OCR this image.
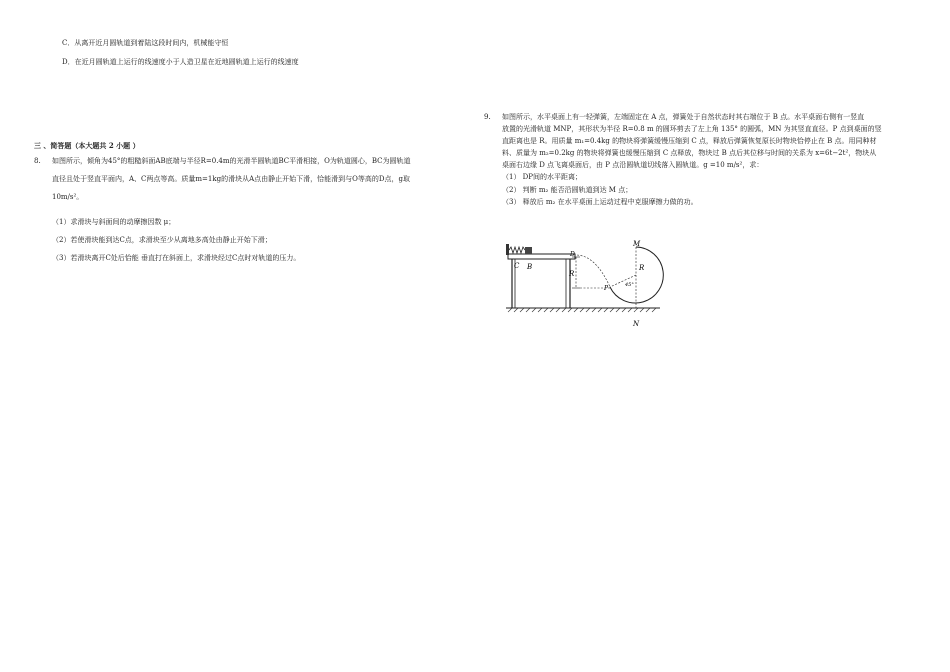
C．从离开近月圆轨道到着陆这段时间内，机械能守恒
D．在近月圆轨道上运行的线速度小于人造卫星在近地圆轨道上运行的线速度
三 、简答题（本大题共 2 小题 ）
8. 如图所示，倾角为45°的粗糙斜面AB底端与半径R=0.4m的光滑半圆轨道BC平滑相接，O为轨道圆心，BC为圆轨道
直径且处于竖直平面内，A、C两点等高。质量m=1kg的滑块从A点由静止开始下滑，恰能滑到与O等高的D点，g取
10m/s²。
（1）求滑块与斜面间的动摩擦因数 μ；
（2）若使滑块能到达C点，求滑块至少从离地多高处由静止开始下滑；
（3）若滑块离开C处后恰能 垂直打在斜面上，求滑块经过C点时对轨道的压力。
9. 如图所示，水平桌面上有一轻弹簧，左端固定在 A 点，弹簧处于自然状态时其右端位于 B 点。水平桌面右侧有一竖直
放置的光滑轨道 MNP，其形状为半径 R=0.8 m 的圆环剪去了左上角 135° 的圆弧，MN 为其竖直直径。P 点到桌面的竖
直距离也是 R。用质量 m₁=0.4kg 的物块将弹簧缓慢压缩到 C 点，释放后弹簧恢复原长时物块恰停止在 B 点。用同种材
料、质量为 m₂=0.2kg 的物块将弹簧也缓慢压缩到 C 点释放，物块过 B 点后其位移与时间的关系为 x=6t−2t²，物块从
桌面右边缘 D 点飞离桌面后，由 P 点沿圆轨道切线落入圆轨道。g =10 m/s²，求：
（1） DP间的水平距离；
（2） 判断 m₂ 能否沿圆轨道到达 M 点；
（3） 释放后 m₂ 在水平桌面上运动过程中克服摩擦力做的功。
C B
D
R
M
R
P	45°
N
